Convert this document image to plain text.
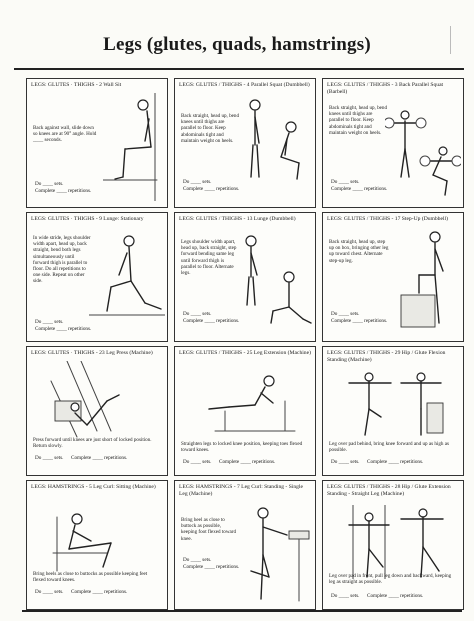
Legs (glutes, quads, hamstrings)
LEGS: GLUTES · THIGHS - 2 Wall Sit
Back against wall, slide down so knees are at 90° angle. Hold ____ seconds.
Do ____ sets.
Complete ____ repetitions.
LEGS: GLUTES / THIGHS - 4 Parallel Squat (Dumbbell)
Back straight, head up, bend knees until thighs are parallel to floor. Keep abdominals tight and maintain weight on heels.
Do ____ sets.
Complete ____ repetitions.
LEGS: GLUTES / THIGHS - 3 Back Parallel Squat (Barbell)
Back straight, head up, bend knees until thighs are parallel to floor. Keep abdominals tight and maintain weight on heels.
Do ____ sets.
Complete ____ repetitions.
LEGS: GLUTES · THIGHS - 9 Lunge: Stationary
In wide stride, legs shoulder width apart, head up, back straight, bend both legs simultaneously until forward thigh is parallel to floor. Do all repetitions to one side. Repeat on other side.
Do ____ sets.
Complete ____ repetitions.
LEGS: GLUTES / THIGHS - 13 Lunge (Dumbbell)
Legs shoulder width apart, head up, back straight, step forward bending same leg until forward thigh is parallel to floor. Alternate legs.
Do ____ sets.
Complete ____ repetitions.
LEGS: GLUTES / THIGHS - 17 Step-Up (Dumbbell)
Back straight, head up, step up on box, bringing other leg up toward chest. Alternate step-up leg.
Do ____ sets.
Complete ____ repetitions.
LEGS: GLUTES · THIGHS - 23 Leg Press (Machine)
Press forward until knees are just short of locked position. Return slowly.
Do ____ sets. Complete ____ repetitions.
LEGS: GLUTES / THIGHS - 25 Leg Extension (Machine)
Straighten legs to locked knee position, keeping toes flexed toward knees.
Do ____ sets. Complete ____ repetitions.
LEGS: GLUTES / THIGHS - 29 Hip / Glute Flexion Standing (Machine)
Leg over pad behind, bring knee forward and up as high as possible.
Do ____ sets. Complete ____ repetitions.
LEGS: HAMSTRINGS - 5 Leg Curl: Sitting (Machine)
Bring heels as close to buttocks as possible keeping feet flexed toward knees.
Do ____ sets. Complete ____ repetitions.
LEGS: HAMSTRINGS - 7 Leg Curl: Standing - Single Leg (Machine)
Bring heel as close to buttock as possible, keeping foot flexed toward knee.
Do ____ sets.
Complete ____ repetitions.
LEGS: GLUTES / THIGHS - 28 Hip / Glute Extension Standing - Straight Leg (Machine)
Leg over pad in front, pull leg down and backward, keeping leg as straight as possible.
Do ____ sets. Complete ____ repetitions.
